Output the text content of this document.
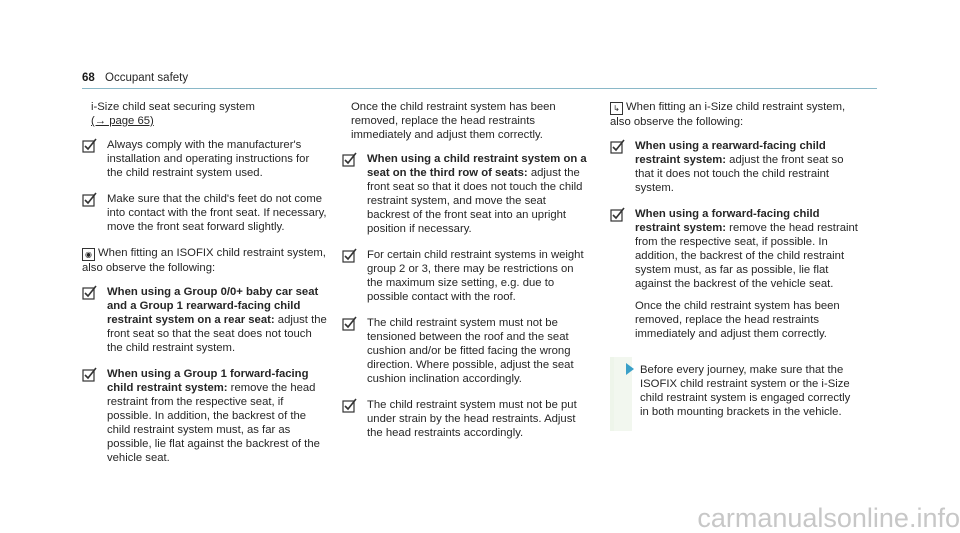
68 Occupant safety
i-Size child seat securing system
(→ page 65)
Always comply with the manufacturer's installation and operating instructions for the child restraint system used.
Make sure that the child's feet do not come into contact with the front seat. If necessary, move the front seat forward slightly.
◉ When fitting an ISOFIX child restraint system, also observe the following:
When using a Group 0/0+ baby car seat and a Group 1 rearward-facing child restraint system on a rear seat: adjust the front seat so that the seat does not touch the child restraint system.
When using a Group 1 forward-facing child restraint system: remove the head restraint from the respective seat, if possible. In addition, the backrest of the child restraint system must, as far as possible, lie flat against the backrest of the vehicle seat.
Once the child restraint system has been removed, replace the head restraints immediately and adjust them correctly.
When using a child restraint system on a seat on the third row of seats: adjust the front seat so that it does not touch the child restraint system, and move the seat backrest of the front seat into an upright position if necessary.
For certain child restraint systems in weight group 2 or 3, there may be restrictions on the maximum size setting, e.g. due to possible contact with the roof.
The child restraint system must not be tensioned between the roof and the seat cushion and/or be fitted facing the wrong direction. Where possible, adjust the seat cushion inclination accordingly.
The child restraint system must not be put under strain by the head restraints. Adjust the head restraints accordingly.
↳ When fitting an i-Size child restraint system, also observe the following:
When using a rearward-facing child restraint system: adjust the front seat so that it does not touch the child restraint system.
When using a forward-facing child restraint system: remove the head restraint from the respective seat, if possible. In addition, the backrest of the child restraint system must, as far as possible, lie flat against the backrest of the vehicle seat.
Once the child restraint system has been removed, replace the head restraints immediately and adjust them correctly.
Before every journey, make sure that the ISOFIX child restraint system or the i-Size child restraint system is engaged correctly in both mounting brackets in the vehicle.
carmanualsonline.info
